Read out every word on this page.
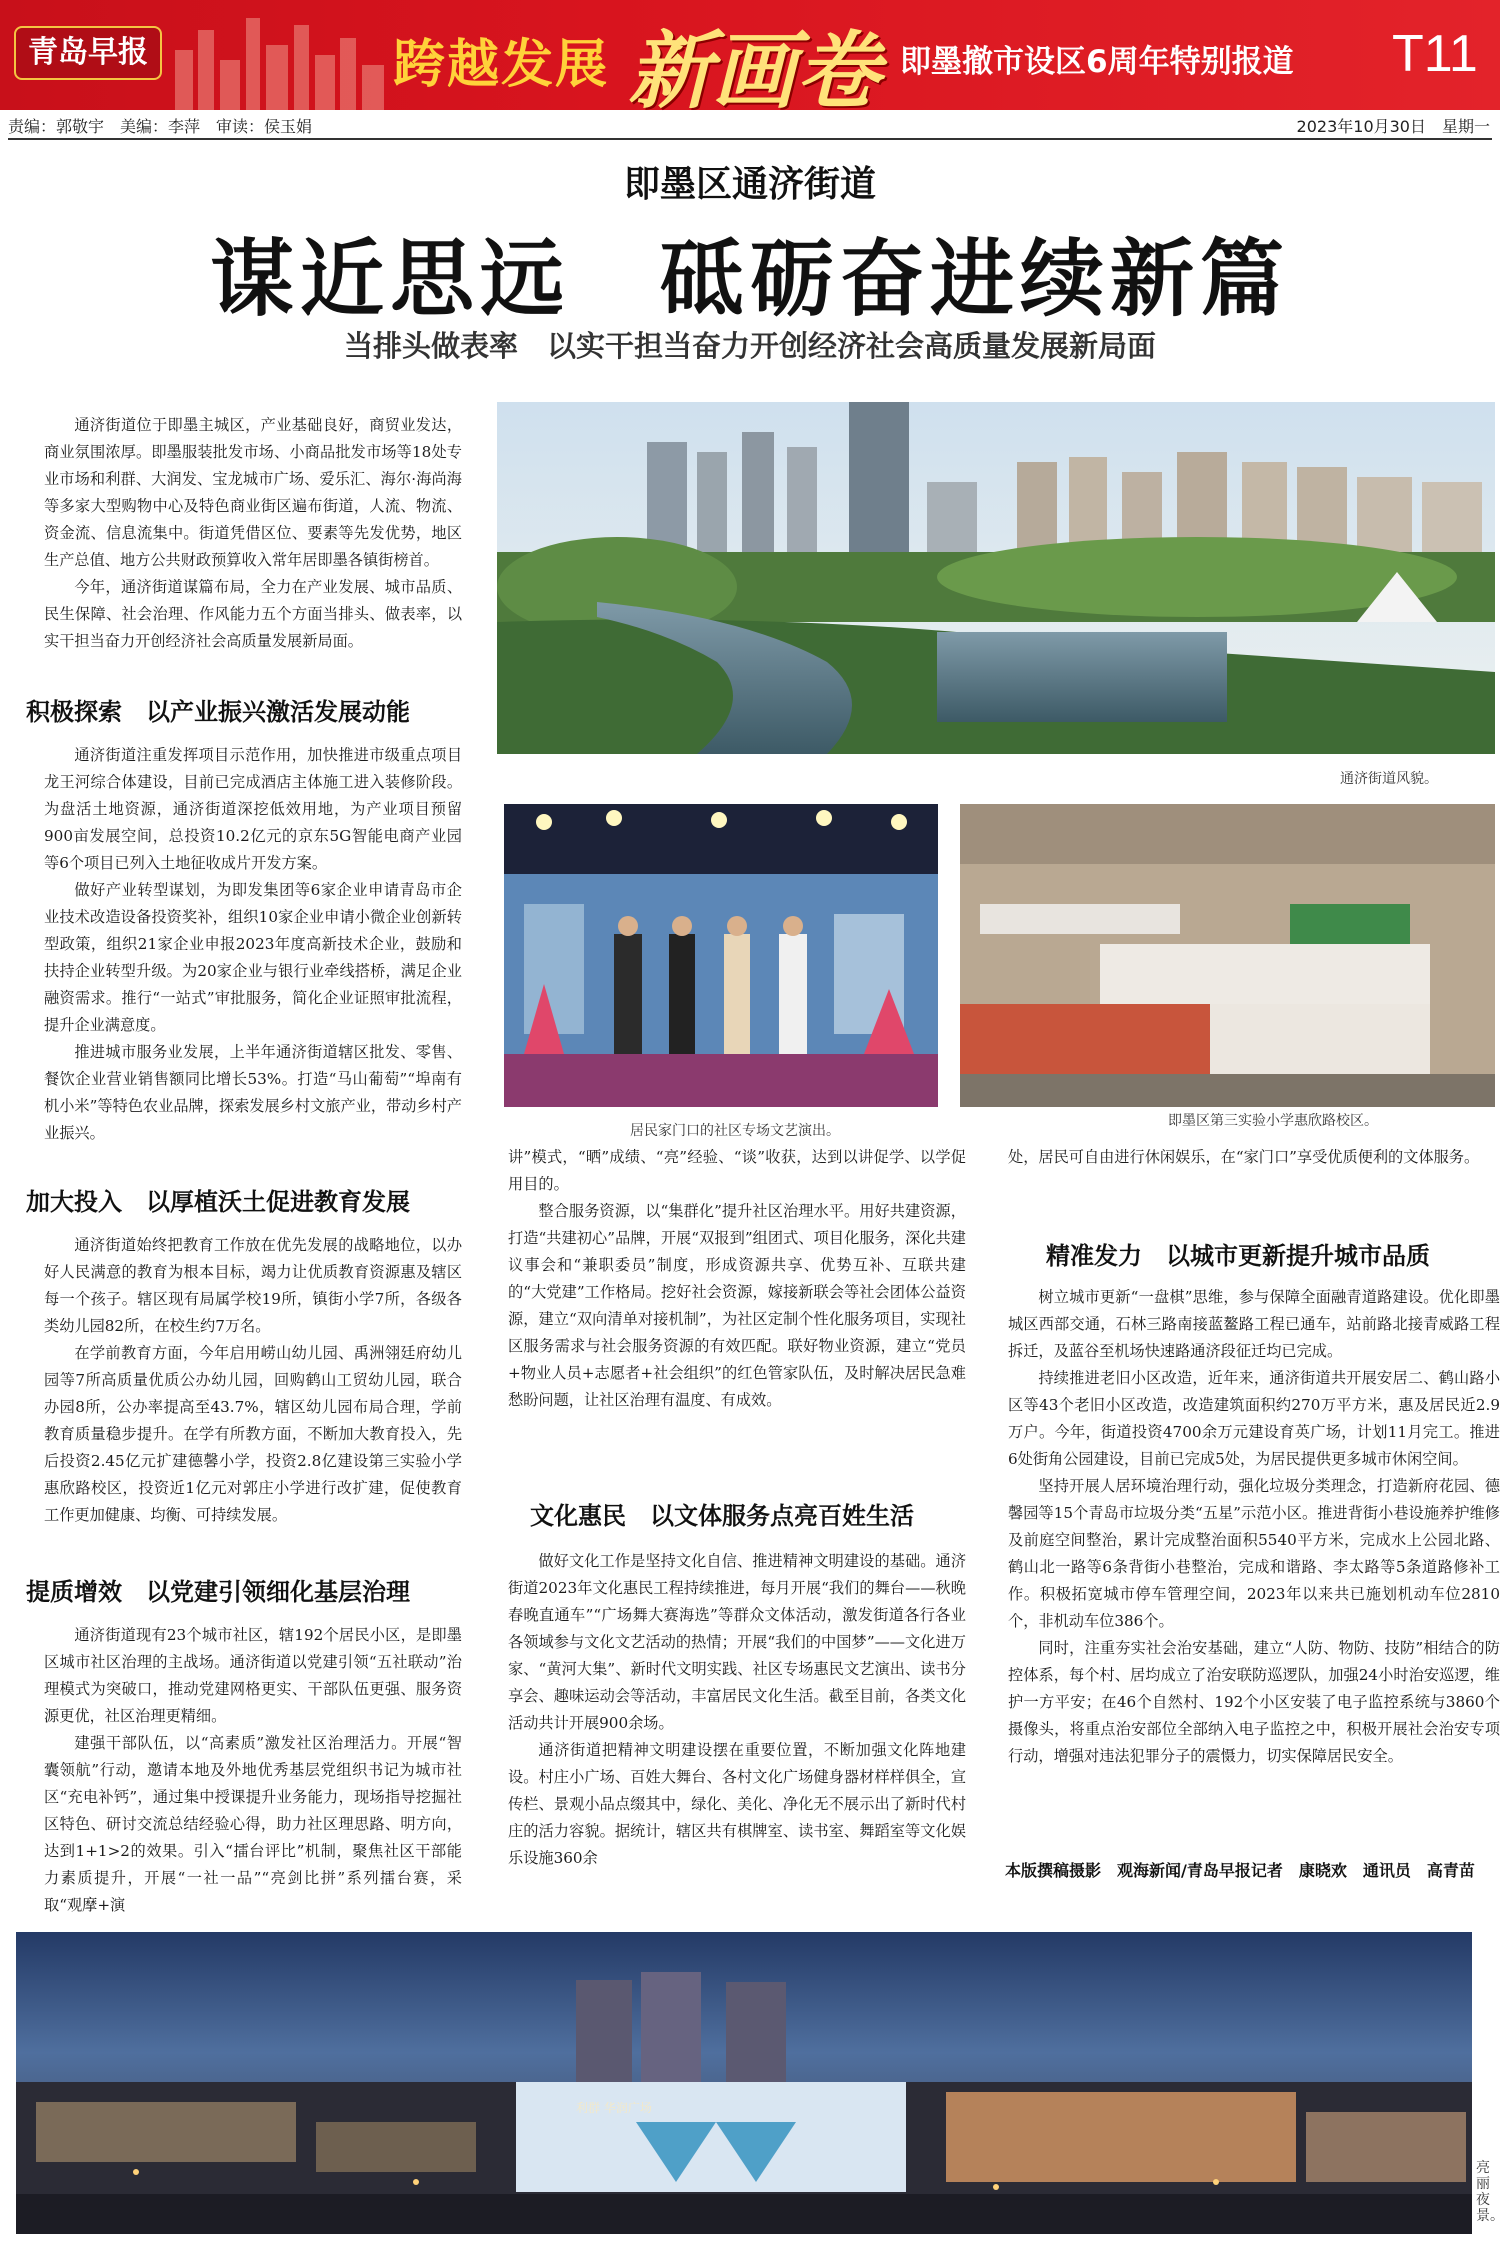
青岛早报	跨越发展 新画卷 即墨撤市设区6周年特别报道 T11
责编：郭敬宇　美编：李萍　审读：侯玉娟	2023年10月30日　星期一
即墨区通济街道
谋近思远　砥砺奋进续新篇
当排头做表率　以实干担当奋力开创经济社会高质量发展新局面

通济街道位于即墨主城区，产业基础良好，商贸业发达，商业氛围浓厚。即墨服装批发市场、小商品批发市场等18处专业市场和利群、大润发、宝龙城市广场、爱乐汇、海尔·海尚海等多家大型购物中心及特色商业街区遍布街道，人流、物流、资金流、信息流集中。街道凭借区位、要素等先发优势，地区生产总值、地方公共财政预算收入常年居即墨各镇街榜首。

今年，通济街道谋篇布局，全力在产业发展、城市品质、民生保障、社会治理、作风能力五个方面当排头、做表率，以实干担当奋力开创经济社会高质量发展新局面。

积极探索　以产业振兴激活发展动能

通济街道注重发挥项目示范作用，加快推进市级重点项目龙王河综合体建设，目前已完成酒店主体施工进入装修阶段。为盘活土地资源，通济街道深挖低效用地，为产业项目预留900亩发展空间，总投资10.2亿元的京东5G智能电商产业园等6个项目已列入土地征收成片开发方案。

做好产业转型谋划，为即发集团等6家企业申请青岛市企业技术改造设备投资奖补，组织10家企业申请小微企业创新转型政策，组织21家企业申报2023年度高新技术企业，鼓励和扶持企业转型升级。为20家企业与银行业牵线搭桥，满足企业融资需求。推行“一站式”审批服务，简化企业证照审批流程，提升企业满意度。

推进城市服务业发展，上半年通济街道辖区批发、零售、餐饮企业营业销售额同比增长53%。打造“马山葡萄”“埠南有机小米”等特色农业品牌，探索发展乡村文旅产业，带动乡村产业振兴。

加大投入　以厚植沃土促进教育发展

通济街道始终把教育工作放在优先发展的战略地位，以办好人民满意的教育为根本目标，竭力让优质教育资源惠及辖区每一个孩子。辖区现有局属学校19所，镇街小学7所，各级各类幼儿园82所，在校生约7万名。

在学前教育方面，今年启用崂山幼儿园、禹洲翎廷府幼儿园等7所高质量优质公办幼儿园，回购鹤山工贸幼儿园，联合办园8所，公办率提高至43.7%，辖区幼儿园布局合理，学前教育质量稳步提升。在学有所教方面，不断加大教育投入，先后投资2.45亿元扩建德馨小学，投资2.8亿建设第三实验小学惠欣路校区，投资近1亿元对郭庄小学进行改扩建，促使教育工作更加健康、均衡、可持续发展。

提质增效　以党建引领细化基层治理

通济街道现有23个城市社区，辖192个居民小区，是即墨区城市社区治理的主战场。通济街道以党建引领“五社联动”治理模式为突破口，推动党建网格更实、干部队伍更强、服务资源更优，社区治理更精细。

建强干部队伍，以“高素质”激发社区治理活力。开展“智囊领航”行动，邀请本地及外地优秀基层党组织书记为城市社区“充电补钙”，通过集中授课提升业务能力，现场指导挖掘社区特色、研讨交流总结经验心得，助力社区理思路、明方向，达到1+1>2的效果。引入“擂台评比”机制，聚焦社区干部能力素质提升，开展“一社一品”“亮剑比拼”系列擂台赛，采取“观摩+演

通济街道风貌。
居民家门口的社区专场文艺演出。
即墨区第三实验小学惠欣路校区。

讲”模式，“晒”成绩、“亮”经验、“谈”收获，达到以讲促学、以学促用目的。

整合服务资源，以“集群化”提升社区治理水平。用好共建资源，打造“共建初心”品牌，开展“双报到”组团式、项目化服务，深化共建议事会和“兼职委员”制度，形成资源共享、优势互补、互联共建的“大党建”工作格局。挖好社会资源，嫁接新联会等社会团体公益资源，建立“双向清单对接机制”，为社区定制个性化服务项目，实现社区服务需求与社会服务资源的有效匹配。联好物业资源，建立“党员+物业人员+志愿者+社会组织”的红色管家队伍，及时解决居民急难愁盼问题，让社区治理有温度、有成效。

文化惠民　以文体服务点亮百姓生活

做好文化工作是坚持文化自信、推进精神文明建设的基础。通济街道2023年文化惠民工程持续推进，每月开展“我们的舞台——秋晚春晚直通车”“广场舞大赛海选”等群众文体活动，激发街道各行各业各领域参与文化文艺活动的热情；开展“我们的中国梦”——文化进万家、“黄河大集”、新时代文明实践、社区专场惠民文艺演出、读书分享会、趣味运动会等活动，丰富居民文化生活。截至目前，各类文化活动共计开展900余场。

通济街道把精神文明建设摆在重要位置，不断加强文化阵地建设。村庄小广场、百姓大舞台、各村文化广场健身器材样样俱全，宣传栏、景观小品点缀其中，绿化、美化、净化无不展示出了新时代村庄的活力容貌。据统计，辖区共有棋牌室、读书室、舞蹈室等文化娱乐设施360余

处，居民可自由进行休闲娱乐，在“家门口”享受优质便利的文体服务。

精准发力　以城市更新提升城市品质

树立城市更新“一盘棋”思维，参与保障全面融青道路建设。优化即墨城区西部交通，石林三路南接蓝鳌路工程已通车，站前路北接青威路工程拆迁，及蓝谷至机场快速路通济段征迁均已完成。

持续推进老旧小区改造，近年来，通济街道共开展安居二、鹤山路小区等43个老旧小区改造，改造建筑面积约270万平方米，惠及居民近2.9万户。今年，街道投资4700余万元建设育英广场，计划11月完工。推进6处街角公园建设，目前已完成5处，为居民提供更多城市休闲空间。

坚持开展人居环境治理行动，强化垃圾分类理念，打造新府花园、德馨园等15个青岛市垃圾分类“五星”示范小区。推进背街小巷设施养护维修及前庭空间整治，累计完成整治面积5540平方米，完成水上公园北路、鹤山北一路等6条背街小巷整治，完成和谐路、李太路等5条道路修补工作。积极拓宽城市停车管理空间，2023年以来共已施划机动车位2810个，非机动车位386个。

同时，注重夯实社会治安基础，建立“人防、物防、技防”相结合的防控体系，每个村、居均成立了治安联防巡逻队，加强24小时治安巡逻，维护一方平安；在46个自然村、192个小区安装了电子监控系统与3860个摄像头，将重点治安部位全部纳入电子监控之中，积极开展社会治安专项行动，增强对违法犯罪分子的震慑力，切实保障居民安全。

本版撰稿摄影　观海新闻/青岛早报记者　康晓欢　通讯员　高青苗
利群 华润广场
亮丽夜景。
